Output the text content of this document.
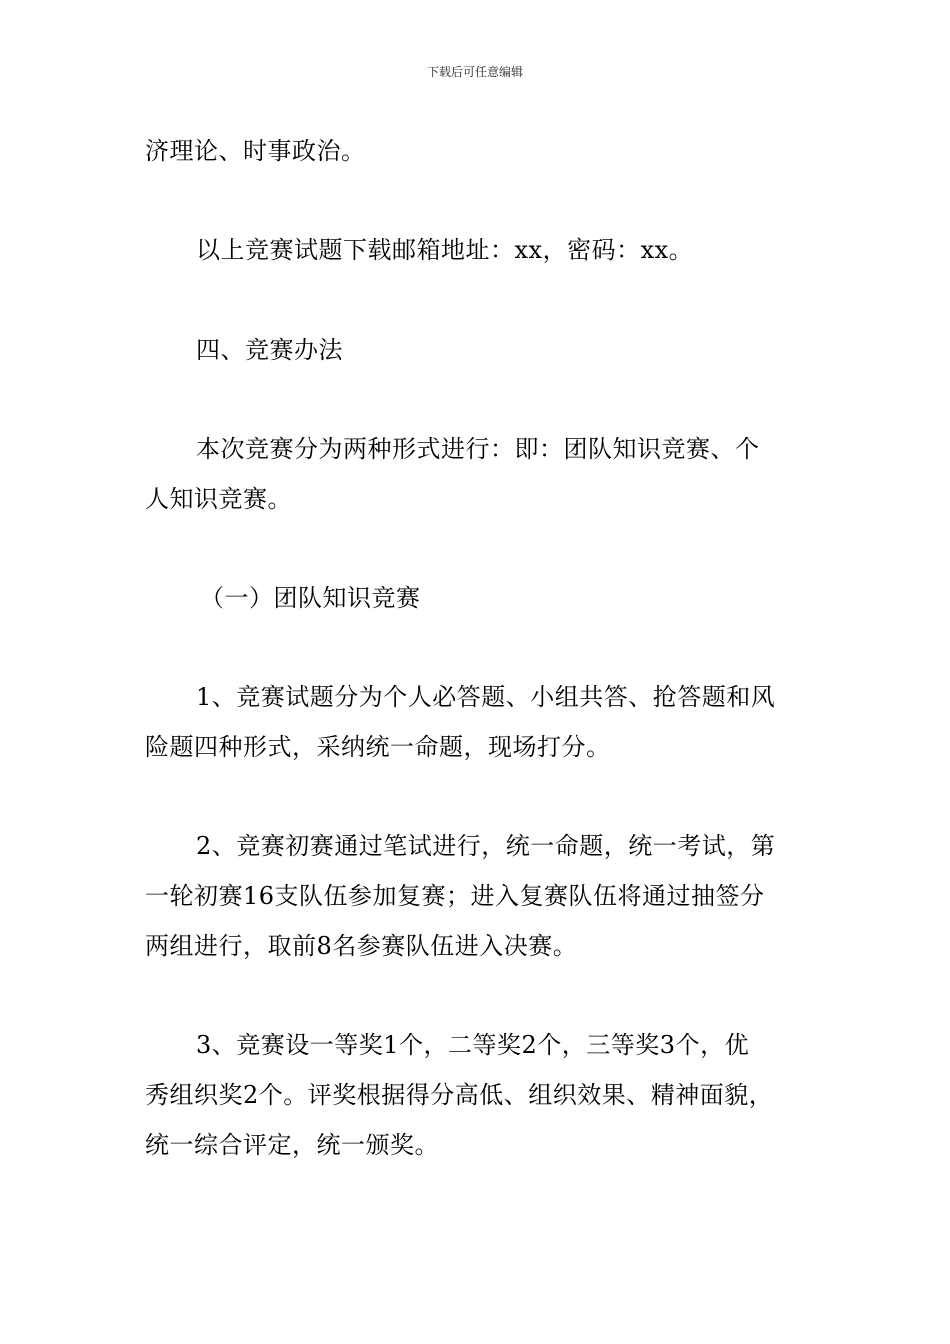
下载后可任意编辑
济理论、时事政治。
以上竞赛试题下载邮箱地址：xx，密码：xx。
四、竞赛办法
本次竞赛分为两种形式进行：即：团队知识竞赛、个
人知识竞赛。
（一）团队知识竞赛
1、竞赛试题分为个人必答题、小组共答、抢答题和风
险题四种形式，采纳统一命题，现场打分。
2、竞赛初赛通过笔试进行，统一命题，统一考试，第
一轮初赛16支队伍参加复赛；进入复赛队伍将通过抽签分
两组进行，取前8名参赛队伍进入决赛。
3、竞赛设一等奖1个，二等奖2个，三等奖3个，优
秀组织奖2个。评奖根据得分高低、组织效果、精神面貌，
统一综合评定，统一颁奖。
